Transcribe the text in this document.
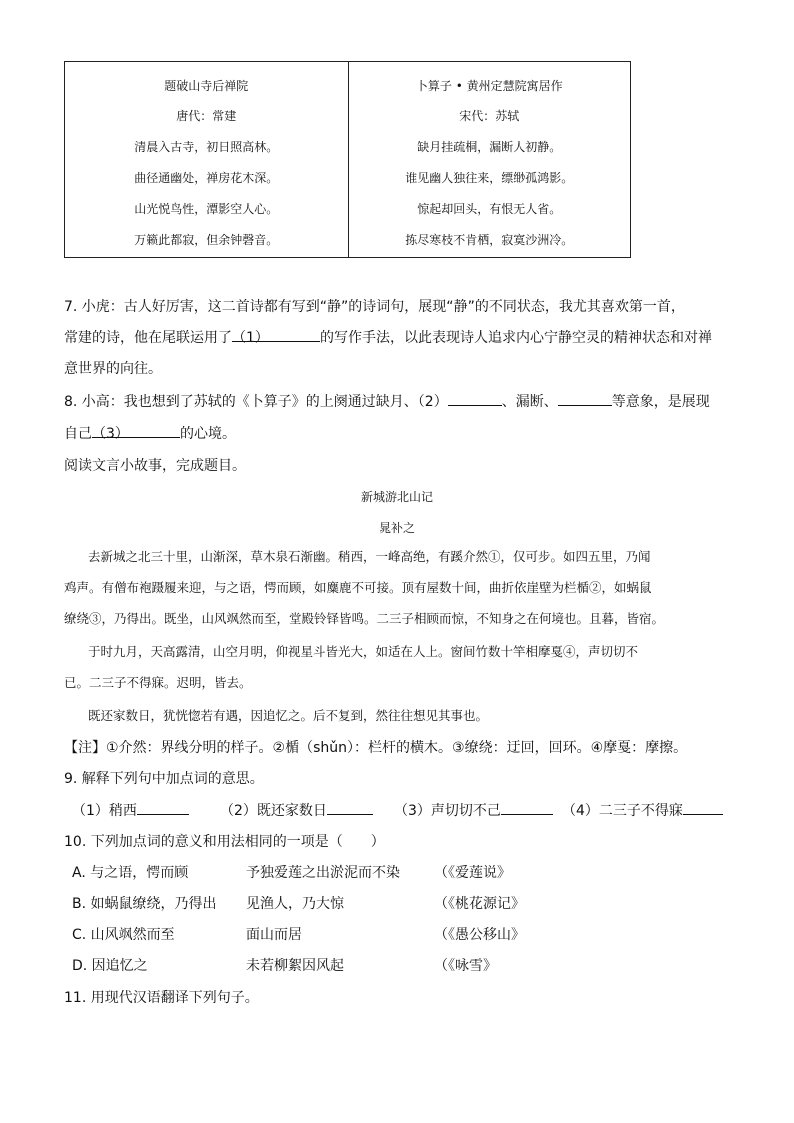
题破山寺后禅院
唐代：常建
清晨入古寺，初日照高林。
曲径通幽处，禅房花木深。
山光悦鸟性，潭影空人心。
万籁此都寂，但余钟磬音。
卜算子 • 黄州定慧院寓居作
宋代：苏轼
缺月挂疏桐，漏断人初静。
谁见幽人独往来，缥缈孤鸿影。
惊起却回头，有恨无人省。
拣尽寒枝不肯栖，寂寞沙洲冷。
7. 小虎：古人好厉害，这二首诗都有写到“静”的诗词句，展现“静”的不同状态，我尤其喜欢第一首，
常建的诗，他在尾联运用了（1）	的写作手法，以此表现诗人追求内心宁静空灵的精神状态和对禅
意世界的向往。
8. 小高：我也想到了苏轼的《卜算子》的上阕通过缺月、（2）	、漏断、	等意象，是展现
自己（3）	的心境。
阅读文言小故事，完成题目。
新城游北山记
晁补之
去新城之北三十里，山渐深，草木泉石渐幽。稍西，一峰高绝，有蹊介然①，仅可步。如四五里，乃闻
鸡声。有僧布袍蹑履来迎，与之语，愕而顾，如麋鹿不可接。顶有屋数十间，曲折依崖壁为栏楯②，如蜗鼠
缭绕③，乃得出。既坐，山风飒然而至，堂殿铃铎皆鸣。二三子相顾而惊，不知身之在何境也。且暮，皆宿。
于时九月，天高露清，山空月明，仰视星斗皆光大，如适在人上。窗间竹数十竿相摩戛④，声切切不
已。二三子不得寐。迟明，皆去。
既还家数日，犹恍惚若有遇，因追忆之。后不复到，然往往想见其事也。
【注】①介然：界线分明的样子。②楯（shǔn）：栏杆的横木。③缭绕：迂回，回环。④摩戛：摩擦。
9. 解释下列句中加点词的意思。
（1）稍西	（2）既还家数日	（3）声切切不己	（4）二三子不得寐
10. 下列加点词的意义和用法相同的一项是（　　）
A. 与之语，愕而顾	予独爱莲之出淤泥而不染 （《爱莲说》
B. 如蜗鼠缭绕，乃得出 见渔人，乃大惊	（《桃花源记》
C. 山风飒然而至	面山而居	（《愚公移山》
D. 因追忆之	未若柳絮因风起	（《咏雪》
11. 用现代汉语翻译下列句子。
